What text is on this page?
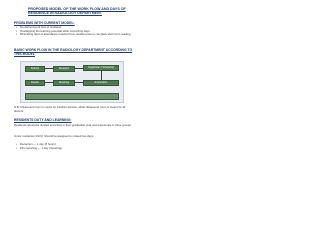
PROPOSED MODEL OF THE WORK FLOW AND DAYS OF RESIDENCE IN RADIOLOGY DEPARTMENT
PROBLEMS WITH CURRENT MODEL:
• No defined work flow of residents.
• Overlapping the learning potential while minimizing days.
• Minimizing days of attendance required from resident plus to complete short term reading.
BASIC WORK FLOW IN THE RADIOLOGY DEPARTMENT ACCORDING TO THIS MODEL
Referral	Reception	Registration / Scheduling
Examination
Reporting
Results
N.B: Ultrasound room is meant for Fertilize division, while Ultrasound room is meant for all doctors.
RESIDENTS DUTY AND LEARNING:
Residents should be divided according to their graduation year and experience in three groups:
Junior residents (1/2/3): Should be assigned to rotated two days:
• Reception — 1 day (8 hours).
• Film reporting — 1 day (reporting).
